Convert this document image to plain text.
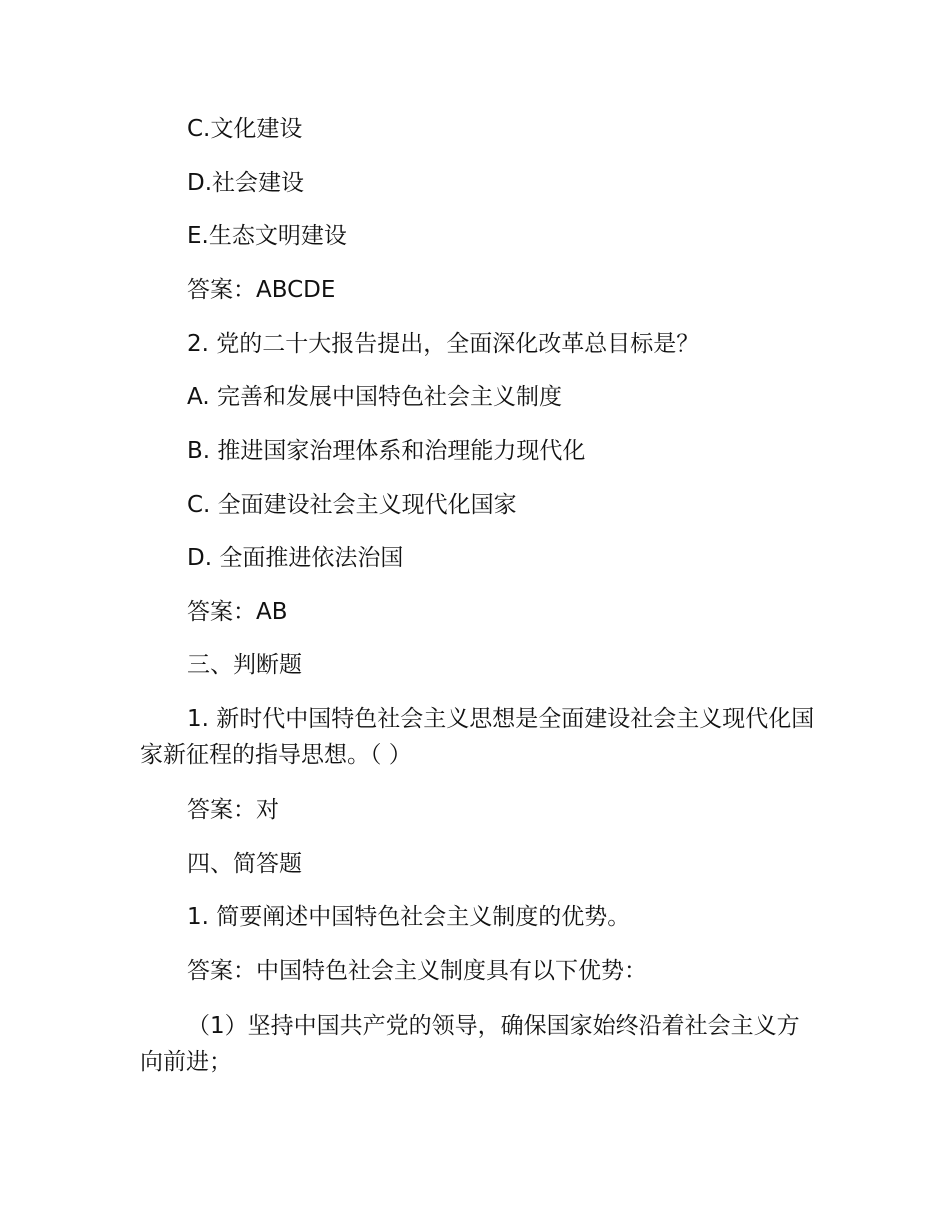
C.文化建设

D.社会建设

E.生态文明建设

答案：ABCDE

2. 党的二十大报告提出，全面深化改革总目标是？

A. 完善和发展中国特色社会主义制度

B. 推进国家治理体系和治理能力现代化

C. 全面建设社会主义现代化国家

D. 全面推进依法治国

答案：AB

三、判断题

1. 新时代中国特色社会主义思想是全面建设社会主义现代化国家新征程的指导思想。（ ）

答案：对

四、简答题

1. 简要阐述中国特色社会主义制度的优势。

答案：中国特色社会主义制度具有以下优势：

（1）坚持中国共产党的领导，确保国家始终沿着社会主义方向前进；
